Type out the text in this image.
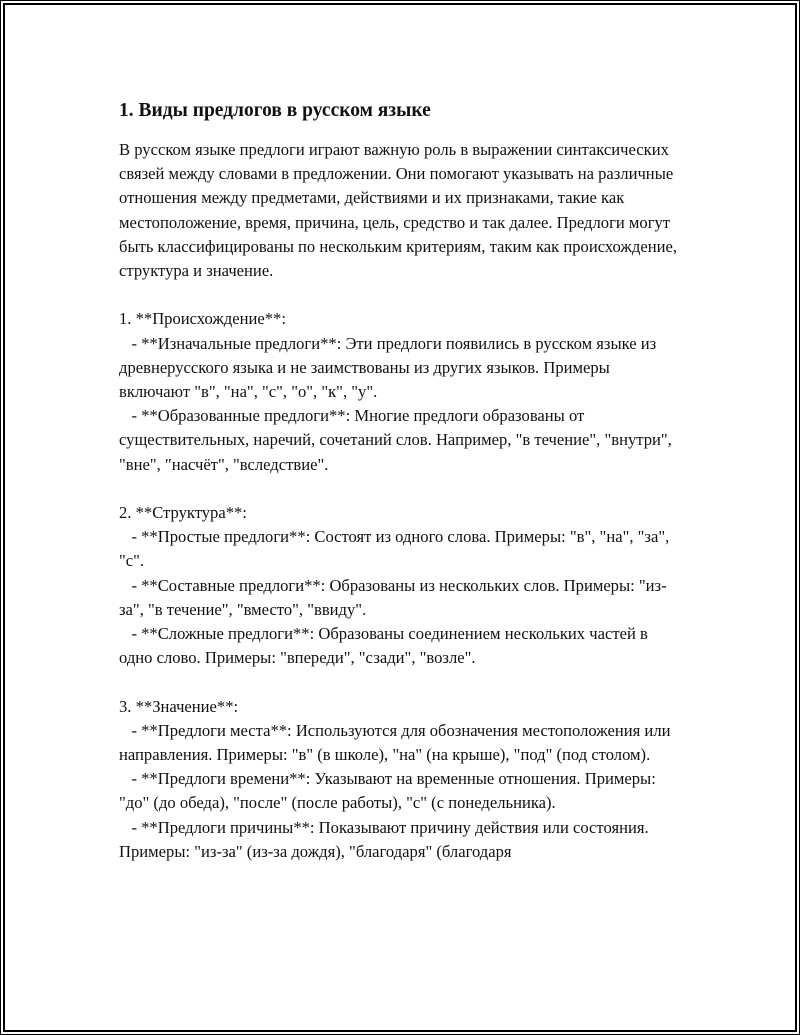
1. Виды предлогов в русском языке
В русском языке предлоги играют важную роль в выражении синтаксических связей между словами в предложении. Они помогают указывать на различные отношения между предметами, действиями и их признаками, такие как местоположение, время, причина, цель, средство и так далее. Предлоги могут быть классифицированы по нескольким критериям, таким как происхождение, структура и значение.

1. **Происхождение**:
- **Изначальные предлоги**: Эти предлоги появились в русском языке из древнерусского языка и не заимствованы из других языков. Примеры включают "в", "на", "с", "о", "к", "у".
- **Образованные предлоги**: Многие предлоги образованы от существительных, наречий, сочетаний слов. Например, "в течение", "внутри", "вне", "насчёт", "вследствие".

2. **Структура**:
- **Простые предлоги**: Состоят из одного слова. Примеры: "в", "на", "за", "с".
- **Составные предлоги**: Образованы из нескольких слов. Примеры: "из-за", "в течение", "вместо", "ввиду".
- **Сложные предлоги**: Образованы соединением нескольких частей в одно слово. Примеры: "впереди", "сзади", "возле".

3. **Значение**:
- **Предлоги места**: Используются для обозначения местоположения или направления. Примеры: "в" (в школе), "на" (на крыше), "под" (под столом).
- **Предлоги времени**: Указывают на временные отношения. Примеры: "до" (до обеда), "после" (после работы), "с" (с понедельника).
- **Предлоги причины**: Показывают причину действия или состояния. Примеры: "из-за" (из-за дождя), "благодаря" (благодаря
